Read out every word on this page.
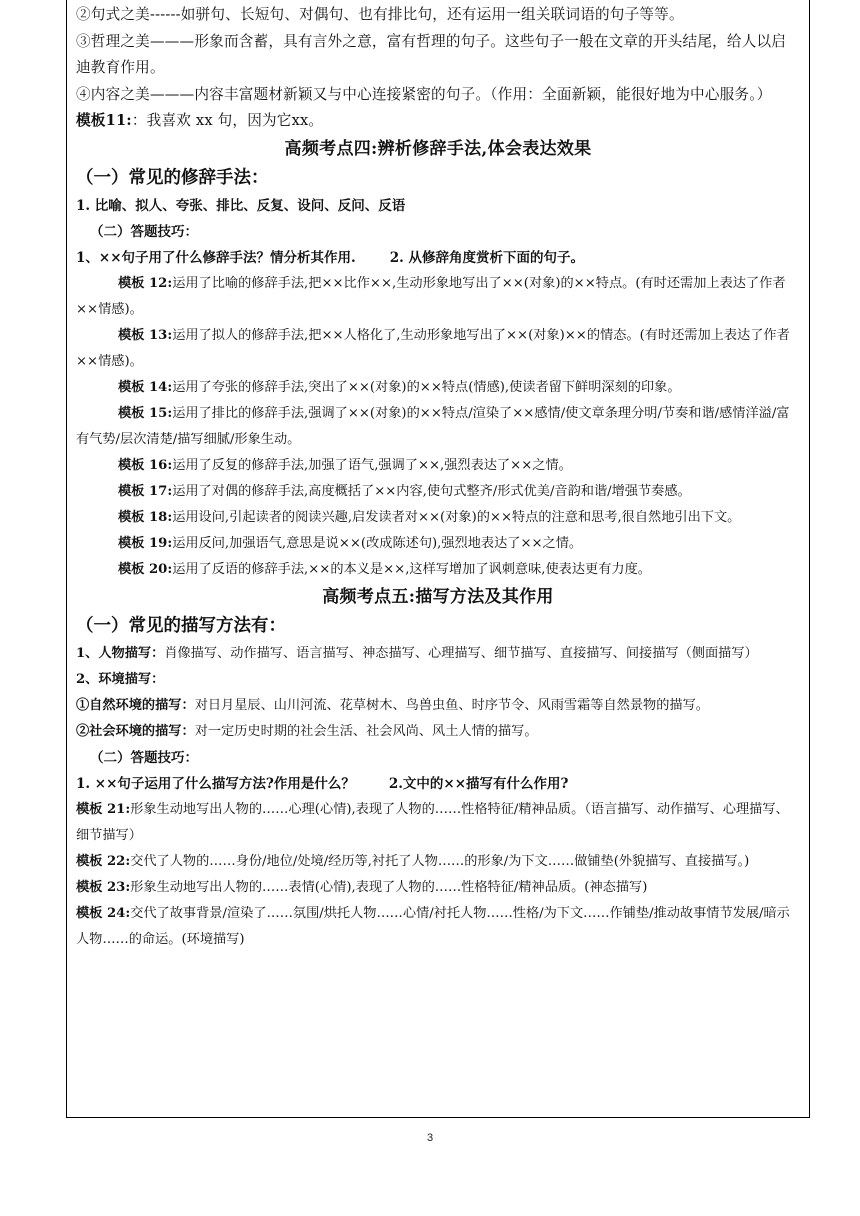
②句式之美------如骈句、长短句、对偶句、也有排比句，还有运用一组关联词语的句子等等。

③哲理之美———形象而含蓄，具有言外之意，富有哲理的句子。这些句子一般在文章的开头结尾，给人以启迪教育作用。

④内容之美———内容丰富题材新颖又与中心连接紧密的句子。（作用：全面新颖，能很好地为中心服务。）

模板11:：我喜欢 xx 句，因为它xx。

高频考点四:辨析修辞手法,体会表达效果

（一）常见的修辞手法：

1. 比喻、拟人、夸张、排比、反复、设问、反问、反语

（二）答题技巧：

1、××句子用了什么修辞手法？情分析其作用.	2. 从修辞角度赏析下面的句子。

模板 12:运用了比喻的修辞手法,把××比作××,生动形象地写出了××(对象)的××特点。(有时还需加上表达了作者××情感)。

模板 13:运用了拟人的修辞手法,把××人格化了,生动形象地写出了××(对象)××的情态。(有时还需加上表达了作者××情感)。

模板 14:运用了夸张的修辞手法,突出了××(对象)的××特点(情感),使读者留下鲜明深刻的印象。

模板 15:运用了排比的修辞手法,强调了××(对象)的××特点/渲染了××感情/使文章条理分明/节奏和谐/感情洋溢/富有气势/层次清楚/描写细腻/形象生动。

模板 16:运用了反复的修辞手法,加强了语气,强调了××,强烈表达了××之情。

模板 17:运用了对偶的修辞手法,高度概括了××内容,使句式整齐/形式优美/音韵和谐/增强节奏感。

模板 18:运用设问,引起读者的阅读兴趣,启发读者对××(对象)的××特点的注意和思考,很自然地引出下文。

模板 19:运用反问,加强语气,意思是说××(改成陈述句),强烈地表达了××之情。

模板 20:运用了反语的修辞手法,××的本义是××,这样写增加了讽刺意味,使表达更有力度。

高频考点五:描写方法及其作用

（一）常见的描写方法有：

1、人物描写：肖像描写、动作描写、语言描写、神态描写、心理描写、细节描写、直接描写、间接描写（侧面描写）

2、环境描写：

①自然环境的描写：对日月星辰、山川河流、花草树木、鸟兽虫鱼、时序节令、风雨雪霜等自然景物的描写。

②社会环境的描写：对一定历史时期的社会生活、社会风尚、风土人情的描写。

（二）答题技巧：

1. ××句子运用了什么描写方法?作用是什么？	2.文中的××描写有什么作用?

模板 21:形象生动地写出人物的……心理(心情),表现了人物的……性格特征/精神品质。（语言描写、动作描写、心理描写、细节描写）

模板 22:交代了人物的……身份/地位/处境/经历等,衬托了人物……的形象/为下文……做铺垫(外貌描写、直接描写。)

模板 23:形象生动地写出人物的……表情(心情),表现了人物的……性格特征/精神品质。(神态描写)

模板 24:交代了故事背景/渲染了……氛围/烘托人物……心情/衬托人物……性格/为下文……作铺垫/推动故事情节发展/暗示人物……的命运。(环境描写)

3
